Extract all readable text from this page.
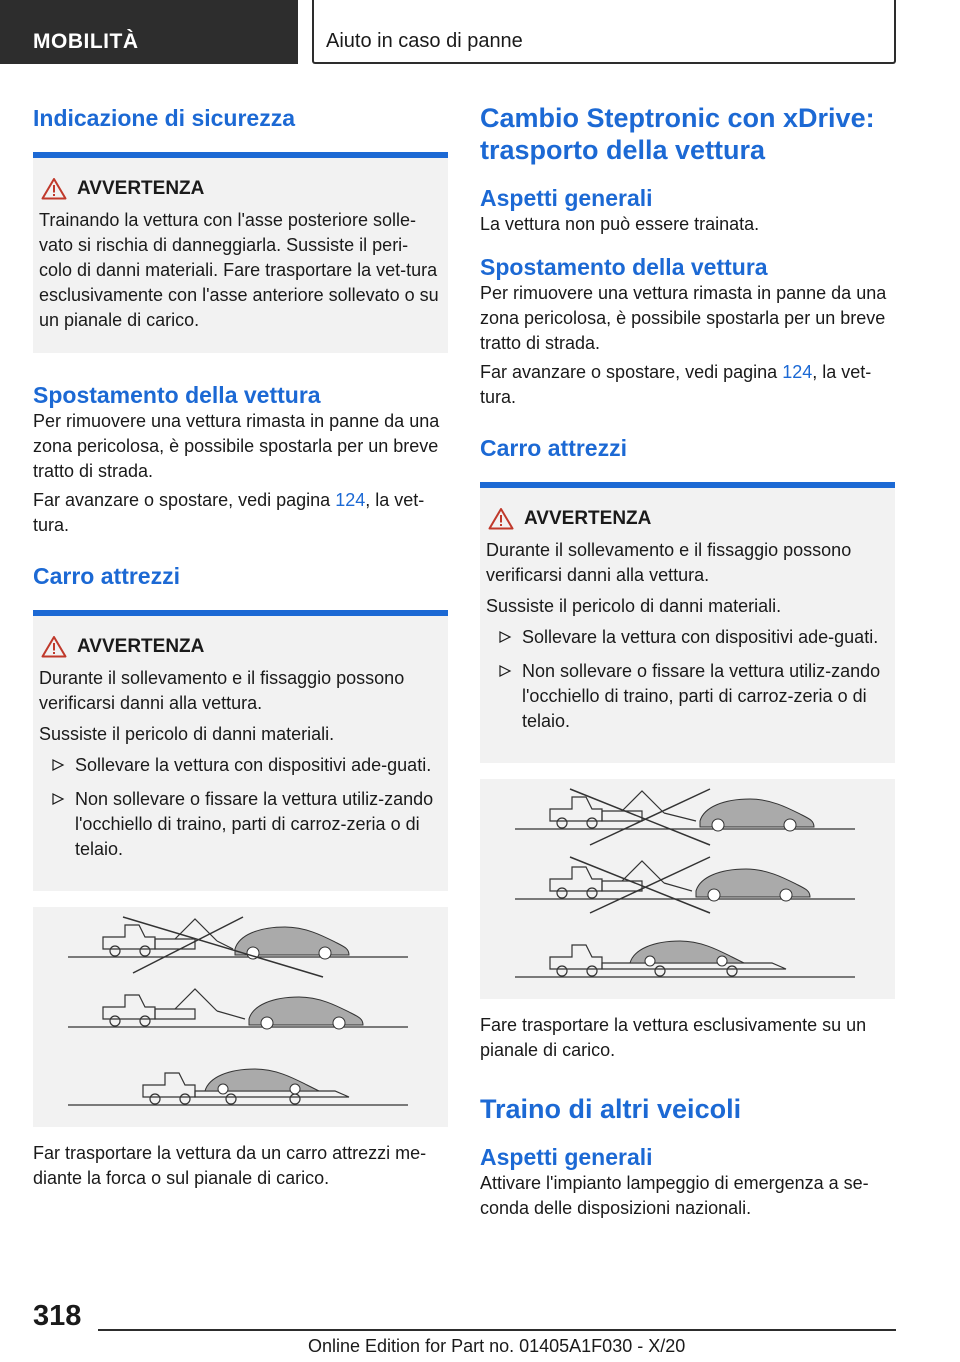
MOBILITÀ	Aiuto in caso di panne
Indicazione di sicurezza
AVVERTENZA

Trainando la vettura con l'asse posteriore solle-vato si rischia di danneggiarla. Sussiste il peri-colo di danni materiali. Fare trasportare la vet-tura esclusivamente con l'asse anteriore sollevato o su un pianale di carico.

Spostamento della vettura

Per rimuovere una vettura rimasta in panne da una zona pericolosa, è possibile spostarla per un breve tratto di strada.

Far avanzare o spostare, vedi pagina 124, la vet-tura.

Carro attrezzi
AVVERTENZA

Durante il sollevamento e il fissaggio possono verificarsi danni alla vettura.

Sussiste il pericolo di danni materiali.

Sollevare la vettura con dispositivi ade-guati.
Non sollevare o fissare la vettura utiliz-zando l'occhiello di traino, parti di carroz-zeria o di telaio.

Far trasportare la vettura da un carro attrezzi me-diante la forca o sul pianale di carico.

Cambio Steptronic con xDrive: trasporto della vettura
Aspetti generali

La vettura non può essere trainata.

Spostamento della vettura

Per rimuovere una vettura rimasta in panne da una zona pericolosa, è possibile spostarla per un breve tratto di strada.

Far avanzare o spostare, vedi pagina 124, la vet-tura.

Carro attrezzi
AVVERTENZA

Durante il sollevamento e il fissaggio possono verificarsi danni alla vettura.

Sussiste il pericolo di danni materiali.

Sollevare la vettura con dispositivi ade-guati.
Non sollevare o fissare la vettura utiliz-zando l'occhiello di traino, parti di carroz-zeria o di telaio.

Fare trasportare la vettura esclusivamente su un pianale di carico.

Traino di altri veicoli
Aspetti generali

Attivare l'impianto lampeggio di emergenza a se-conda delle disposizioni nazionali.

318
Online Edition for Part no. 01405A1F030 - X/20
